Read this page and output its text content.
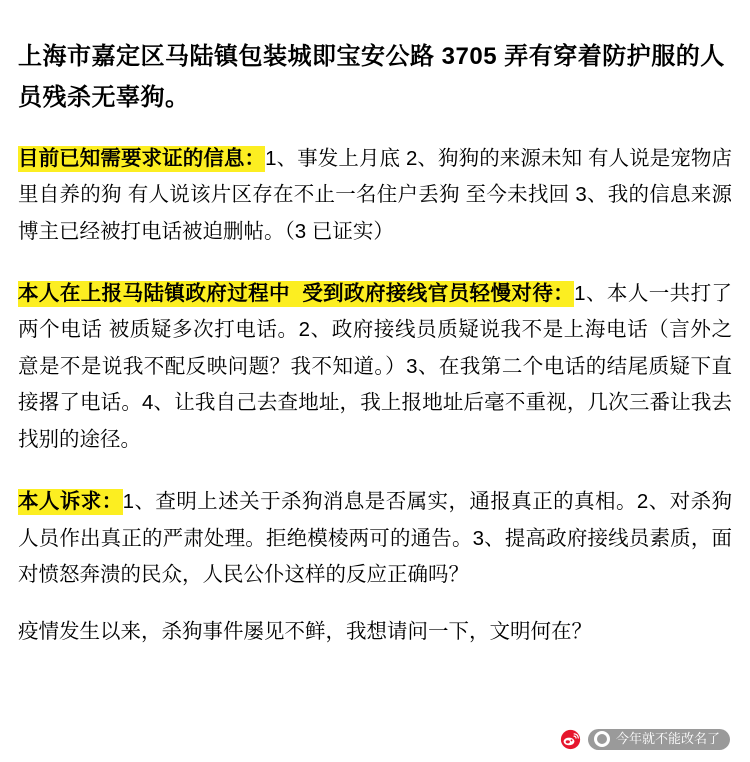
上海市嘉定区马陆镇包装城即宝安公路 3705 弄有穿着防护服的人员残杀无辜狗。

目前已知需要求证的信息：1、事发上月底 2、狗狗的来源未知 有人说是宠物店里自养的狗 有人说该片区存在不止一名住户丢狗 至今未找回 3、我的信息来源博主已经被打电话被迫删帖。（3 已证实）

本人在上报马陆镇政府过程中 受到政府接线官员轻慢对待：1、本人一共打了两个电话 被质疑多次打电话。2、政府接线员质疑说我不是上海电话（言外之意是不是说我不配反映问题？我不知道。）3、在我第二个电话的结尾质疑下直接撂了电话。4、让我自己去查地址，我上报地址后毫不重视，几次三番让我去找别的途径。

本人诉求：1、查明上述关于杀狗消息是否属实，通报真正的真相。2、对杀狗人员作出真正的严肃处理。拒绝模棱两可的通告。3、提高政府接线员素质，面对愤怒奔溃的民众，人民公仆这样的反应正确吗？

疫情发生以来，杀狗事件屡见不鲜，我想请问一下，文明何在？

今年就不能改名了
